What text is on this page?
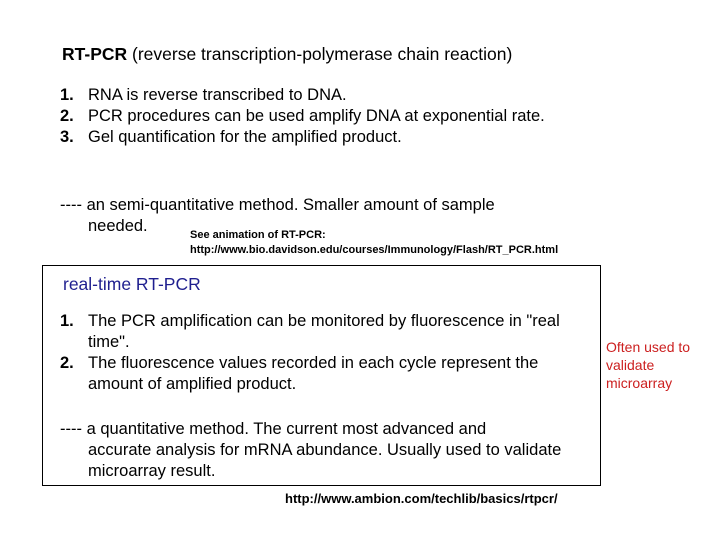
RT-PCR (reverse transcription-polymerase chain reaction)
1. RNA is reverse transcribed to DNA.
2. PCR procedures can be used amplify DNA at exponential rate.
3. Gel quantification for the amplified product.
---- an semi-quantitative method. Smaller amount of sample
needed.	See animation of RT-PCR:
http://www.bio.davidson.edu/courses/Immunology/Flash/RT_PCR.html
real-time RT-PCR
1. The PCR amplification can be monitored by fluorescence in "real time".
2. The fluorescence values recorded in each cycle represent the amount of amplified product.
---- a quantitative method. The current most advanced and
accurate analysis for mRNA abundance. Usually used to validate microarray result.
Often used to validate microarray
http://www.ambion.com/techlib/basics/rtpcr/
